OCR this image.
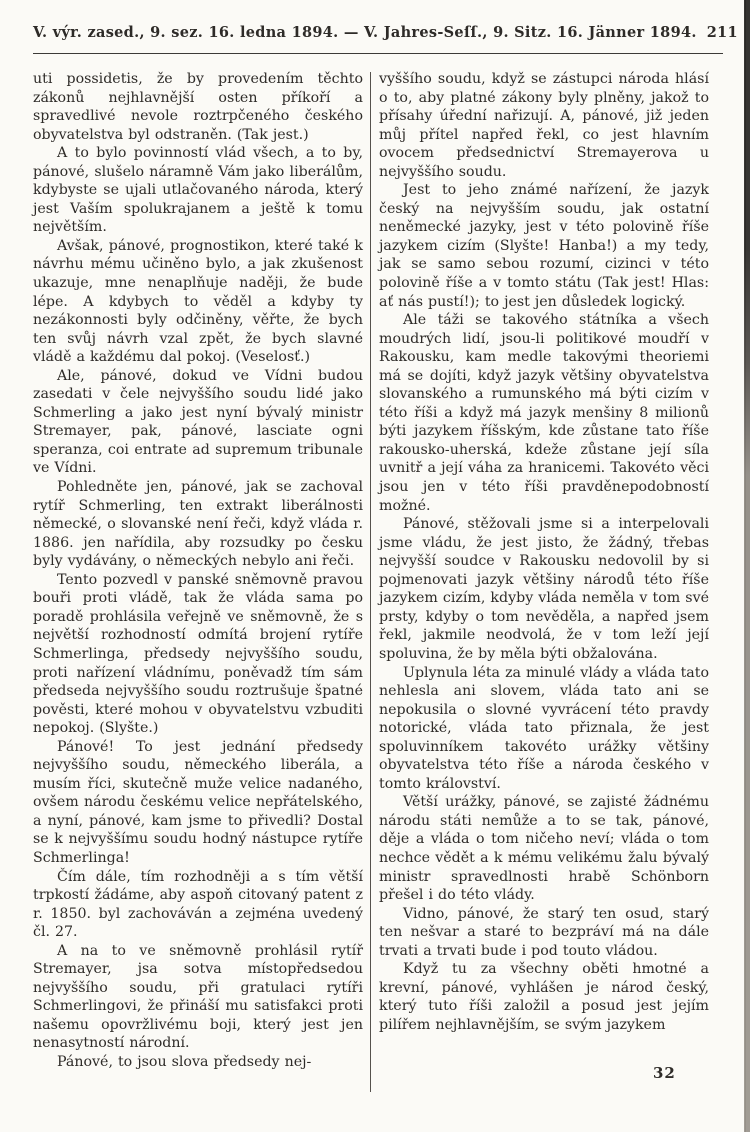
V. výr. zased., 9. sez. 16. ledna 1894. — V. Jahres-Seſſ., 9. Sitz. 16. Jänner 1894. 211

uti possidetis, že by provedením těchto zákonů nejhlavnější osten příkoří a spravedlivé nevole roztrpčeného českého obyvatelstva byl odstraněn. (Tak jest.)

A to bylo povinností vlád všech, a to by, pánové, slušelo náramně Vám jako liberálům, kdybyste se ujali utlačovaného národa, který jest Vaším spolukrajanem a ještě k tomu největším.

Avšak, pánové, prognostikon, které také k návrhu mému učiněno bylo, a jak zkušenost ukazuje, mne nenaplňuje naději, že bude lépe. A kdybych to věděl a kdyby ty nezákonnosti byly odčiněny, věřte, že bych ten svůj návrh vzal zpět, že bych slavné vládě a každému dal pokoj. (Veselosť.)

Ale, pánové, dokud ve Vídni budou zasedati v čele nejvyššího soudu lidé jako Schmerling a jako jest nyní bývalý ministr Stremayer, pak, pánové, lasciate ogni speranza, coi entrate ad supremum tribunale ve Vídni.

Pohledněte jen, pánové, jak se zachoval rytíř Schmerling, ten extrakt liberálnosti německé, o slovanské není řeči, když vláda r. 1886. jen nařídila, aby rozsudky po česku byly vydávány, o německých nebylo ani řeči.

Tento pozvedl v panské sněmovně pravou bouři proti vládě, tak že vláda sama po poradě prohlásila veřejně ve sněmovně, že s největší rozhodností odmítá brojení rytíře Schmerlinga, předsedy nejvyššího soudu, proti nařízení vládnímu, poněvadž tím sám předseda nejvyššího soudu roztrušuje špatné pověsti, které mohou v obyvatelstvu vzbuditi nepokoj. (Slyšte.)

Pánové! To jest jednání předsedy nejvyššího soudu, německého liberála, a musím říci, skutečně muže velice nadaného, ovšem národu českému velice nepřátelského, a nyní, pánové, kam jsme to přivedli? Dostal se k nejvyššímu soudu hodný nástupce rytíře Schmerlinga!

Čím dále, tím rozhodněji a s tím větší trpkostí žádáme, aby aspoň citovaný patent z r. 1850. byl zachováván a zejména uvedený čl. 27.

A na to ve sněmovně prohlásil rytíř Stremayer, jsa sotva místopředsedou nejvyššího soudu, při gratulaci rytíři Schmerlingovi, že přináší mu satisfakci proti našemu opovržlivému boji, který jest jen nenasytností národní.

Pánové, to jsou slova předsedy nej-

vyššího soudu, když se zástupci národa hlásí o to, aby platné zákony byly plněny, jakož to přísahy úřední nařizují. A, pánové, již jeden můj přítel napřed řekl, co jest hlavním ovocem předsednictví Stremayerova u nejvyššího soudu.

Jest to jeho známé nařízení, že jazyk český na nejvyšším soudu, jak ostatní neněmecké jazyky, jest v této polovině říše jazykem cizím (Slyšte! Hanba!) a my tedy, jak se samo sebou rozumí, cizinci v této polovině říše a v tomto státu (Tak jest! Hlas: ať nás pustí!); to jest jen důsledek logický.

Ale táži se takového státníka a všech moudrých lidí, jsou-li politikové moudří v Rakousku, kam medle takovými theoriemi má se dojíti, když jazyk většiny obyvatelstva slovanského a rumunského má býti cizím v této říši a když má jazyk menšiny 8 milionů býti jazykem říšským, kde zůstane tato říše rakousko-uherská, kdeže zůstane její síla uvnitř a její váha za hranicemi. Takovéto věci jsou jen v této říši pravděnepodobností možné.

Pánové, stěžovali jsme si a interpelovali jsme vládu, že jest jisto, že žádný, třebas nejvyšší soudce v Rakousku nedovolil by si pojmenovati jazyk většiny národů této říše jazykem cizím, kdyby vláda neměla v tom své prsty, kdyby o tom nevěděla, a napřed jsem řekl, jakmile neodvolá, že v tom leží její spoluvina, že by měla býti obžalována.

Uplynula léta za minulé vlády a vláda tato nehlesla ani slovem, vláda tato ani se nepokusila o slovné vyvrácení této pravdy notorické, vláda tato přiznala, že jest spoluvinníkem takovéto urážky většiny obyvatelstva této říše a národa českého v tomto království.

Větší urážky, pánové, se zajisté žádnému národu státi nemůže a to se tak, pánové, děje a vláda o tom ničeho neví; vláda o tom nechce vědět a k mému velikému žalu bývalý ministr spravedlnosti hrabě Schönborn přešel i do této vlády.

Vidno, pánové, že starý ten osud, starý ten nešvar a staré to bezpráví má na dále trvati a trvati bude i pod touto vládou.

Když tu za všechny oběti hmotné a krevní, pánové, vyhlášen je národ český, který tuto říši založil a posud jest jejím pilířem nejhlavnějším, se svým jazykem

32
